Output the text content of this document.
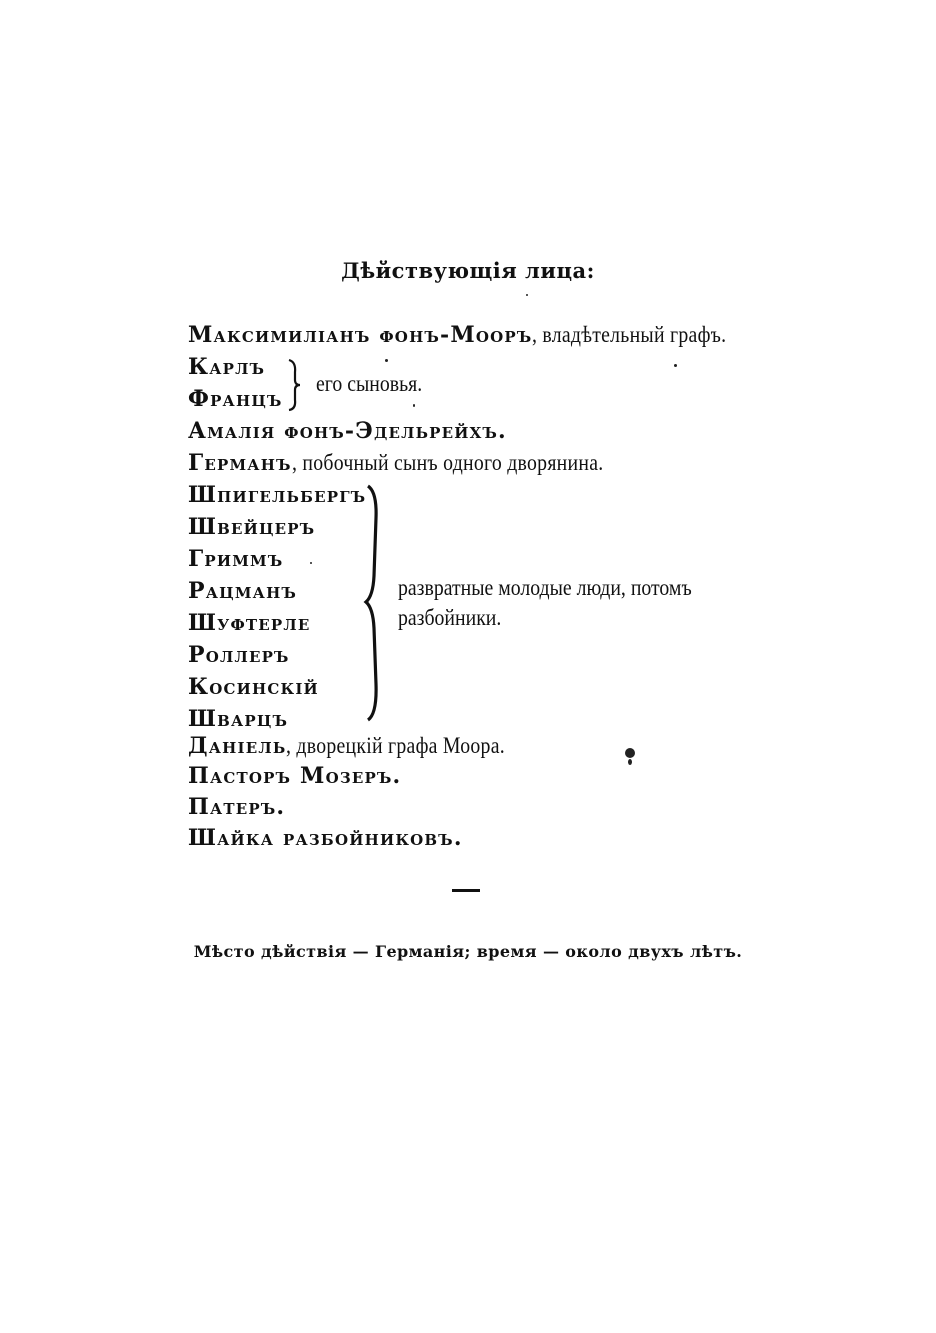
Дѣйствующія лица:
Максимиліанъ фонъ-Мооръ, владѣтельный графъ.
Карлъ
Францъ
его сыновья.
Амалія фонъ-Эдельрейхъ.
Германъ, побочный сынъ одного дворянина.
Шпигельбергъ
Швейцеръ
Гриммъ
Рацманъ
Шуфтерле
Роллеръ
Косинскій
Шварцъ
развратные молодые люди, потомъ
разбойники.
Даніель, дворецкій графа Моора.
Пасторъ Мозеръ.
Патеръ.
Шайка разбойниковъ.
Мѣсто дѣйствія — Германія; время — около двухъ лѣтъ.
